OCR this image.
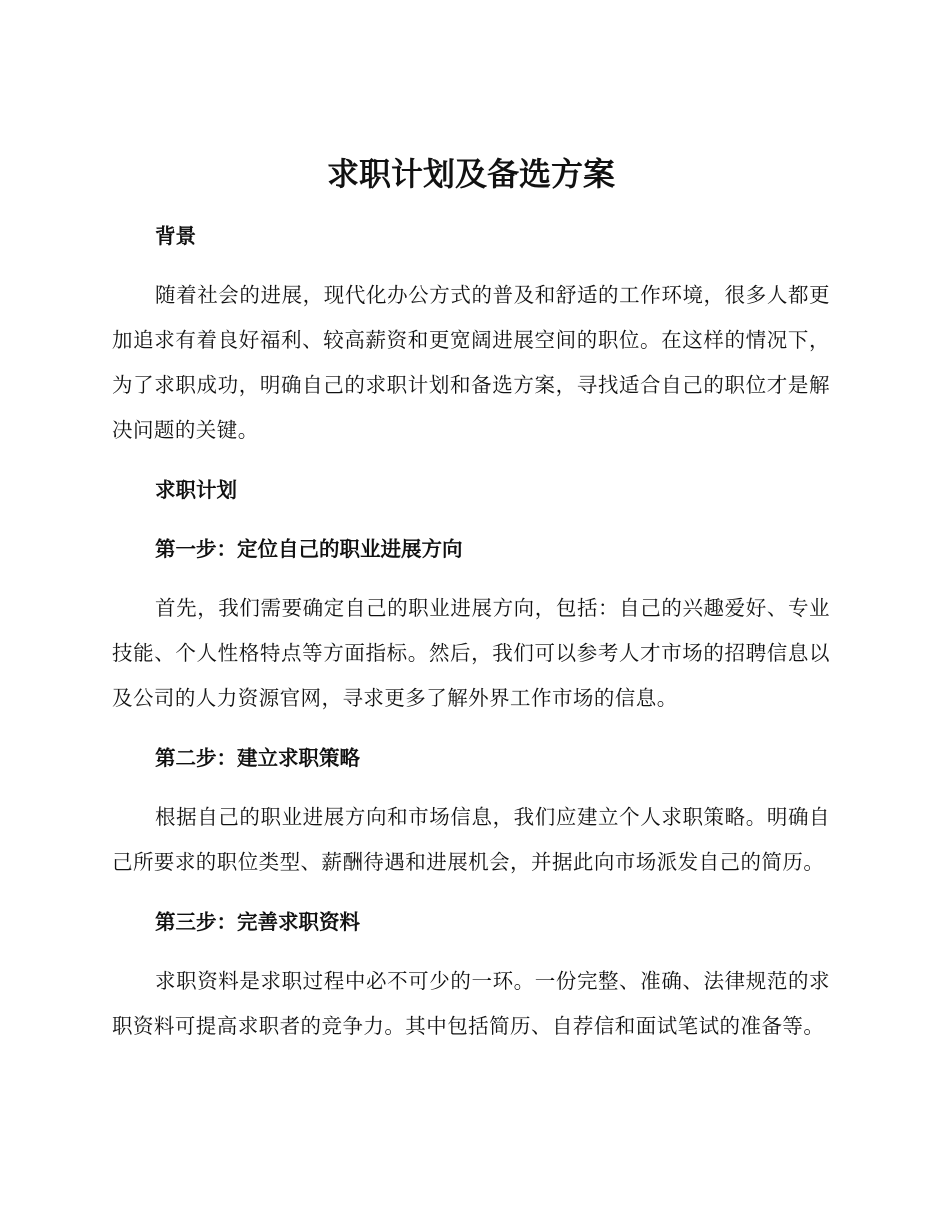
求职计划及备选方案
背景

随着社会的进展，现代化办公方式的普及和舒适的工作环境，很多人都更加追求有着良好福利、较高薪资和更宽阔进展空间的职位。在这样的情况下，为了求职成功，明确自己的求职计划和备选方案，寻找适合自己的职位才是解决问题的关键。

求职计划
第一步：定位自己的职业进展方向

首先，我们需要确定自己的职业进展方向，包括：自己的兴趣爱好、专业技能、个人性格特点等方面指标。然后，我们可以参考人才市场的招聘信息以及公司的人力资源官网，寻求更多了解外界工作市场的信息。

第二步：建立求职策略

根据自己的职业进展方向和市场信息，我们应建立个人求职策略。明确自己所要求的职位类型、薪酬待遇和进展机会，并据此向市场派发自己的简历。

第三步：完善求职资料

求职资料是求职过程中必不可少的一环。一份完整、准确、法律规范的求职资料可提高求职者的竞争力。其中包括简历、自荐信和面试笔试的准备等。
